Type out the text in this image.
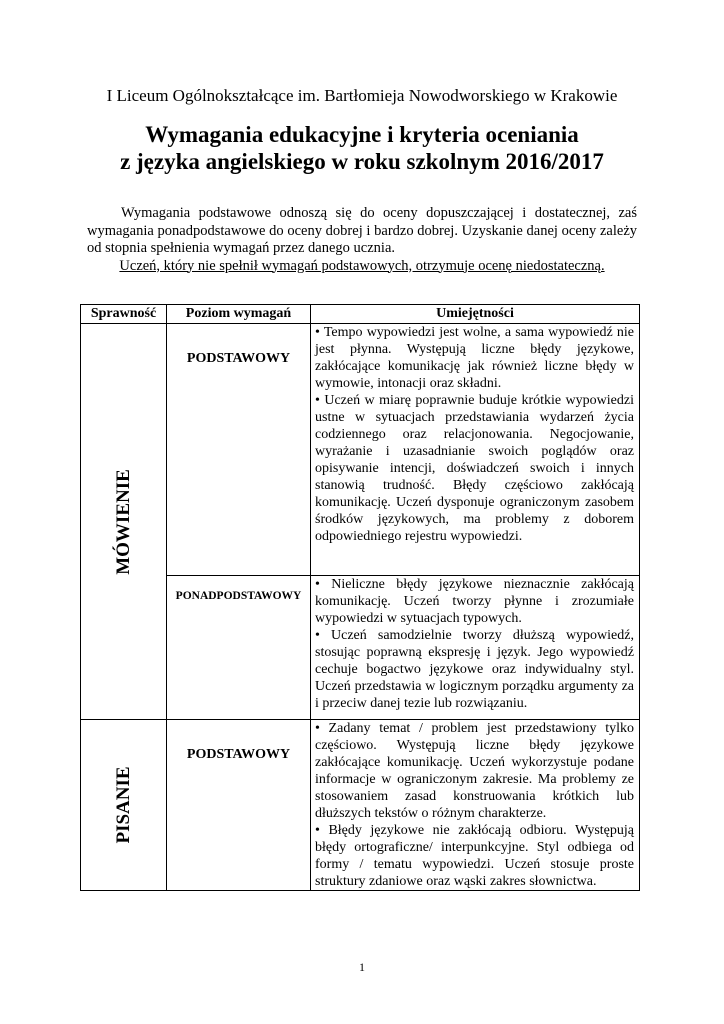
I Liceum Ogólnokształcące im. Bartłomieja Nowodworskiego w Krakowie
Wymagania edukacyjne i kryteria oceniania
z języka angielskiego w roku szkolnym 2016/2017

Wymagania podstawowe odnoszą się do oceny dopuszczającej i dostatecznej, zaś wymagania ponadpodstawowe do oceny dobrej i bardzo dobrej. Uzyskanie danej oceny zależy od stopnia spełnienia wymagań przez danego ucznia.

Uczeń, który nie spełnił wymagań podstawowych, otrzymuje ocenę niedostateczną.

Sprawność	Poziom wymagań	Umiejętności

MÓWIENIE	PODSTAWOWY	• Tempo wypowiedzi jest wolne, a sama wypowiedź nie jest płynna. Występują liczne błędy językowe, zakłócające komunikację jak również liczne błędy w wymowie, intonacji oraz składni.

• Uczeń w miarę poprawnie buduje krótkie wypowiedzi ustne w sytuacjach przedstawiania wydarzeń życia codziennego oraz relacjonowania. Negocjowanie, wyrażanie i uzasadnianie swoich poglądów oraz opisywanie intencji, doświadczeń swoich i innych stanowią trudność. Błędy częściowo zakłócają komunikację. Uczeń dysponuje ograniczonym zasobem środków językowych, ma problemy z doborem odpowiedniego rejestru wypowiedzi.

	PONADPODSTAWOWY	• Nieliczne błędy językowe nieznacznie zakłócają komunikację. Uczeń tworzy płynne i zrozumiałe wypowiedzi w sytuacjach typowych.

• Uczeń samodzielnie tworzy dłuższą wypowiedź, stosując poprawną ekspresję i język. Jego wypowiedź cechuje bogactwo językowe oraz indywidualny styl. Uczeń przedstawia w logicznym porządku argumenty za i przeciw danej tezie lub rozwiązaniu.

PISANIE	PODSTAWOWY	• Zadany temat / problem jest przedstawiony tylko częściowo. Występują liczne błędy językowe zakłócające komunikację. Uczeń wykorzystuje podane informacje w ograniczonym zakresie. Ma problemy ze stosowaniem zasad konstruowania krótkich lub dłuższych tekstów o różnym charakterze.

• Błędy językowe nie zakłócają odbioru. Występują błędy ortograficzne/ interpunkcyjne. Styl odbiega od formy / tematu wypowiedzi. Uczeń stosuje proste struktury zdaniowe oraz wąski zakres słownictwa.

1
